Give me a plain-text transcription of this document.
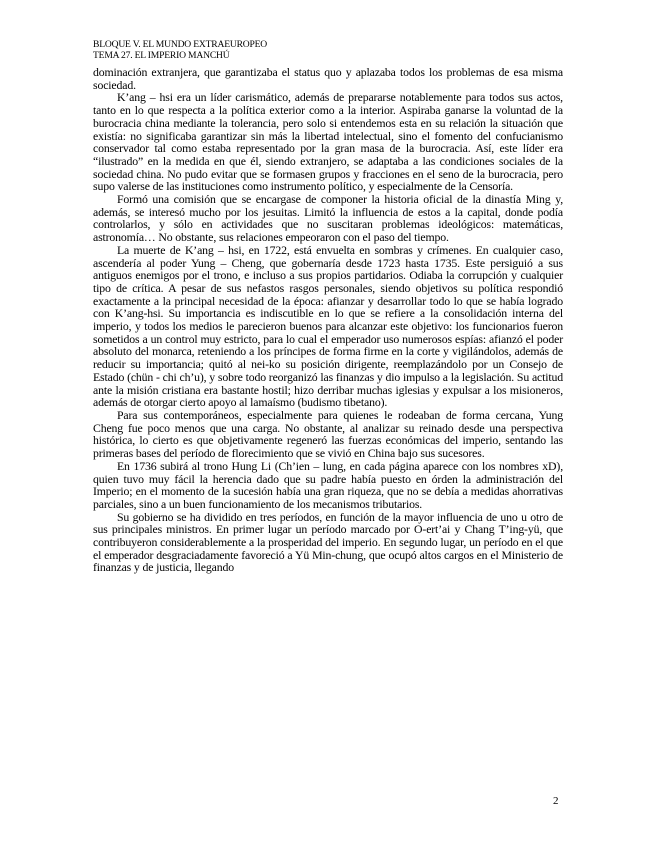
BLOQUE V. EL MUNDO EXTRAEUROPEO
TEMA 27. EL IMPERIO MANCHÚ

dominación extranjera, que garantizaba el status quo y aplazaba todos los problemas de esa misma sociedad.

K’ang – hsi era un líder carismático, además de prepararse notablemente para todos sus actos, tanto en lo que respecta a la política exterior como a la interior. Aspiraba ganarse la voluntad de la burocracia china mediante la tolerancia, pero solo si entendemos esta en su relación la situación que existía: no significaba garantizar sin más la libertad intelectual, sino el fomento del confucianismo conservador tal como estaba representado por la gran masa de la burocracia. Así, este líder era “ilustrado” en la medida en que él, siendo extranjero, se adaptaba a las condiciones sociales de la sociedad china. No pudo evitar que se formasen grupos y fracciones en el seno de la burocracia, pero supo valerse de las instituciones como instrumento político, y especialmente de la Censoría.

Formó una comisión que se encargase de componer la historia oficial de la dinastía Ming y, además, se interesó mucho por los jesuitas. Limitó la influencia de estos a la capital, donde podía controlarlos, y sólo en actividades que no suscitaran problemas ideológicos: matemáticas, astronomía… No obstante, sus relaciones empeoraron con el paso del tiempo.

La muerte de K’ang – hsi, en 1722, está envuelta en sombras y crímenes. En cualquier caso, ascendería al poder Yung – Cheng, que gobernaría desde 1723 hasta 1735. Este persiguió a sus antiguos enemigos por el trono, e incluso a sus propios partidarios. Odiaba la corrupción y cualquier tipo de crítica. A pesar de sus nefastos rasgos personales, siendo objetivos su política respondió exactamente a la principal necesidad de la época: afianzar y desarrollar todo lo que se había logrado con K’ang-hsi. Su importancia es indiscutible en lo que se refiere a la consolidación interna del imperio, y todos los medios le parecieron buenos para alcanzar este objetivo: los funcionarios fueron sometidos a un control muy estricto, para lo cual el emperador uso numerosos espías: afianzó el poder absoluto del monarca, reteniendo a los príncipes de forma firme en la corte y vigilándolos, además de reducir su importancia; quitó al nei-ko su posición dirigente, reemplazándolo por un Consejo de Estado (chün - chi ch’u), y sobre todo reorganizó las finanzas y dio impulso a la legislación. Su actitud ante la misión cristiana era bastante hostil; hizo derribar muchas iglesias y expulsar a los misioneros, además de otorgar cierto apoyo al lamaísmo (budismo tibetano).

Para sus contemporáneos, especialmente para quienes le rodeaban de forma cercana, Yung Cheng fue poco menos que una carga. No obstante, al analizar su reinado desde una perspectiva histórica, lo cierto es que objetivamente regeneró las fuerzas económicas del imperio, sentando las primeras bases del período de florecimiento que se vivió en China bajo sus sucesores.

En 1736 subirá al trono Hung Li (Ch’ien – lung, en cada página aparece con los nombres xD), quien tuvo muy fácil la herencia dado que su padre había puesto en órden la administración del Imperio; en el momento de la sucesión había una gran riqueza, que no se debía a medidas ahorrativas parciales, sino a un buen funcionamiento de los mecanismos tributarios.

Su gobierno se ha dividido en tres períodos, en función de la mayor influencia de uno u otro de sus principales ministros. En primer lugar un período marcado por O-ert’ai y Chang T’ing-yü, que contribuyeron considerablemente a la prosperidad del imperio. En segundo lugar, un período en el que el emperador desgraciadamente favoreció a Yü Min-chung, que ocupó altos cargos en el Ministerio de finanzas y de justicia, llegando

2
